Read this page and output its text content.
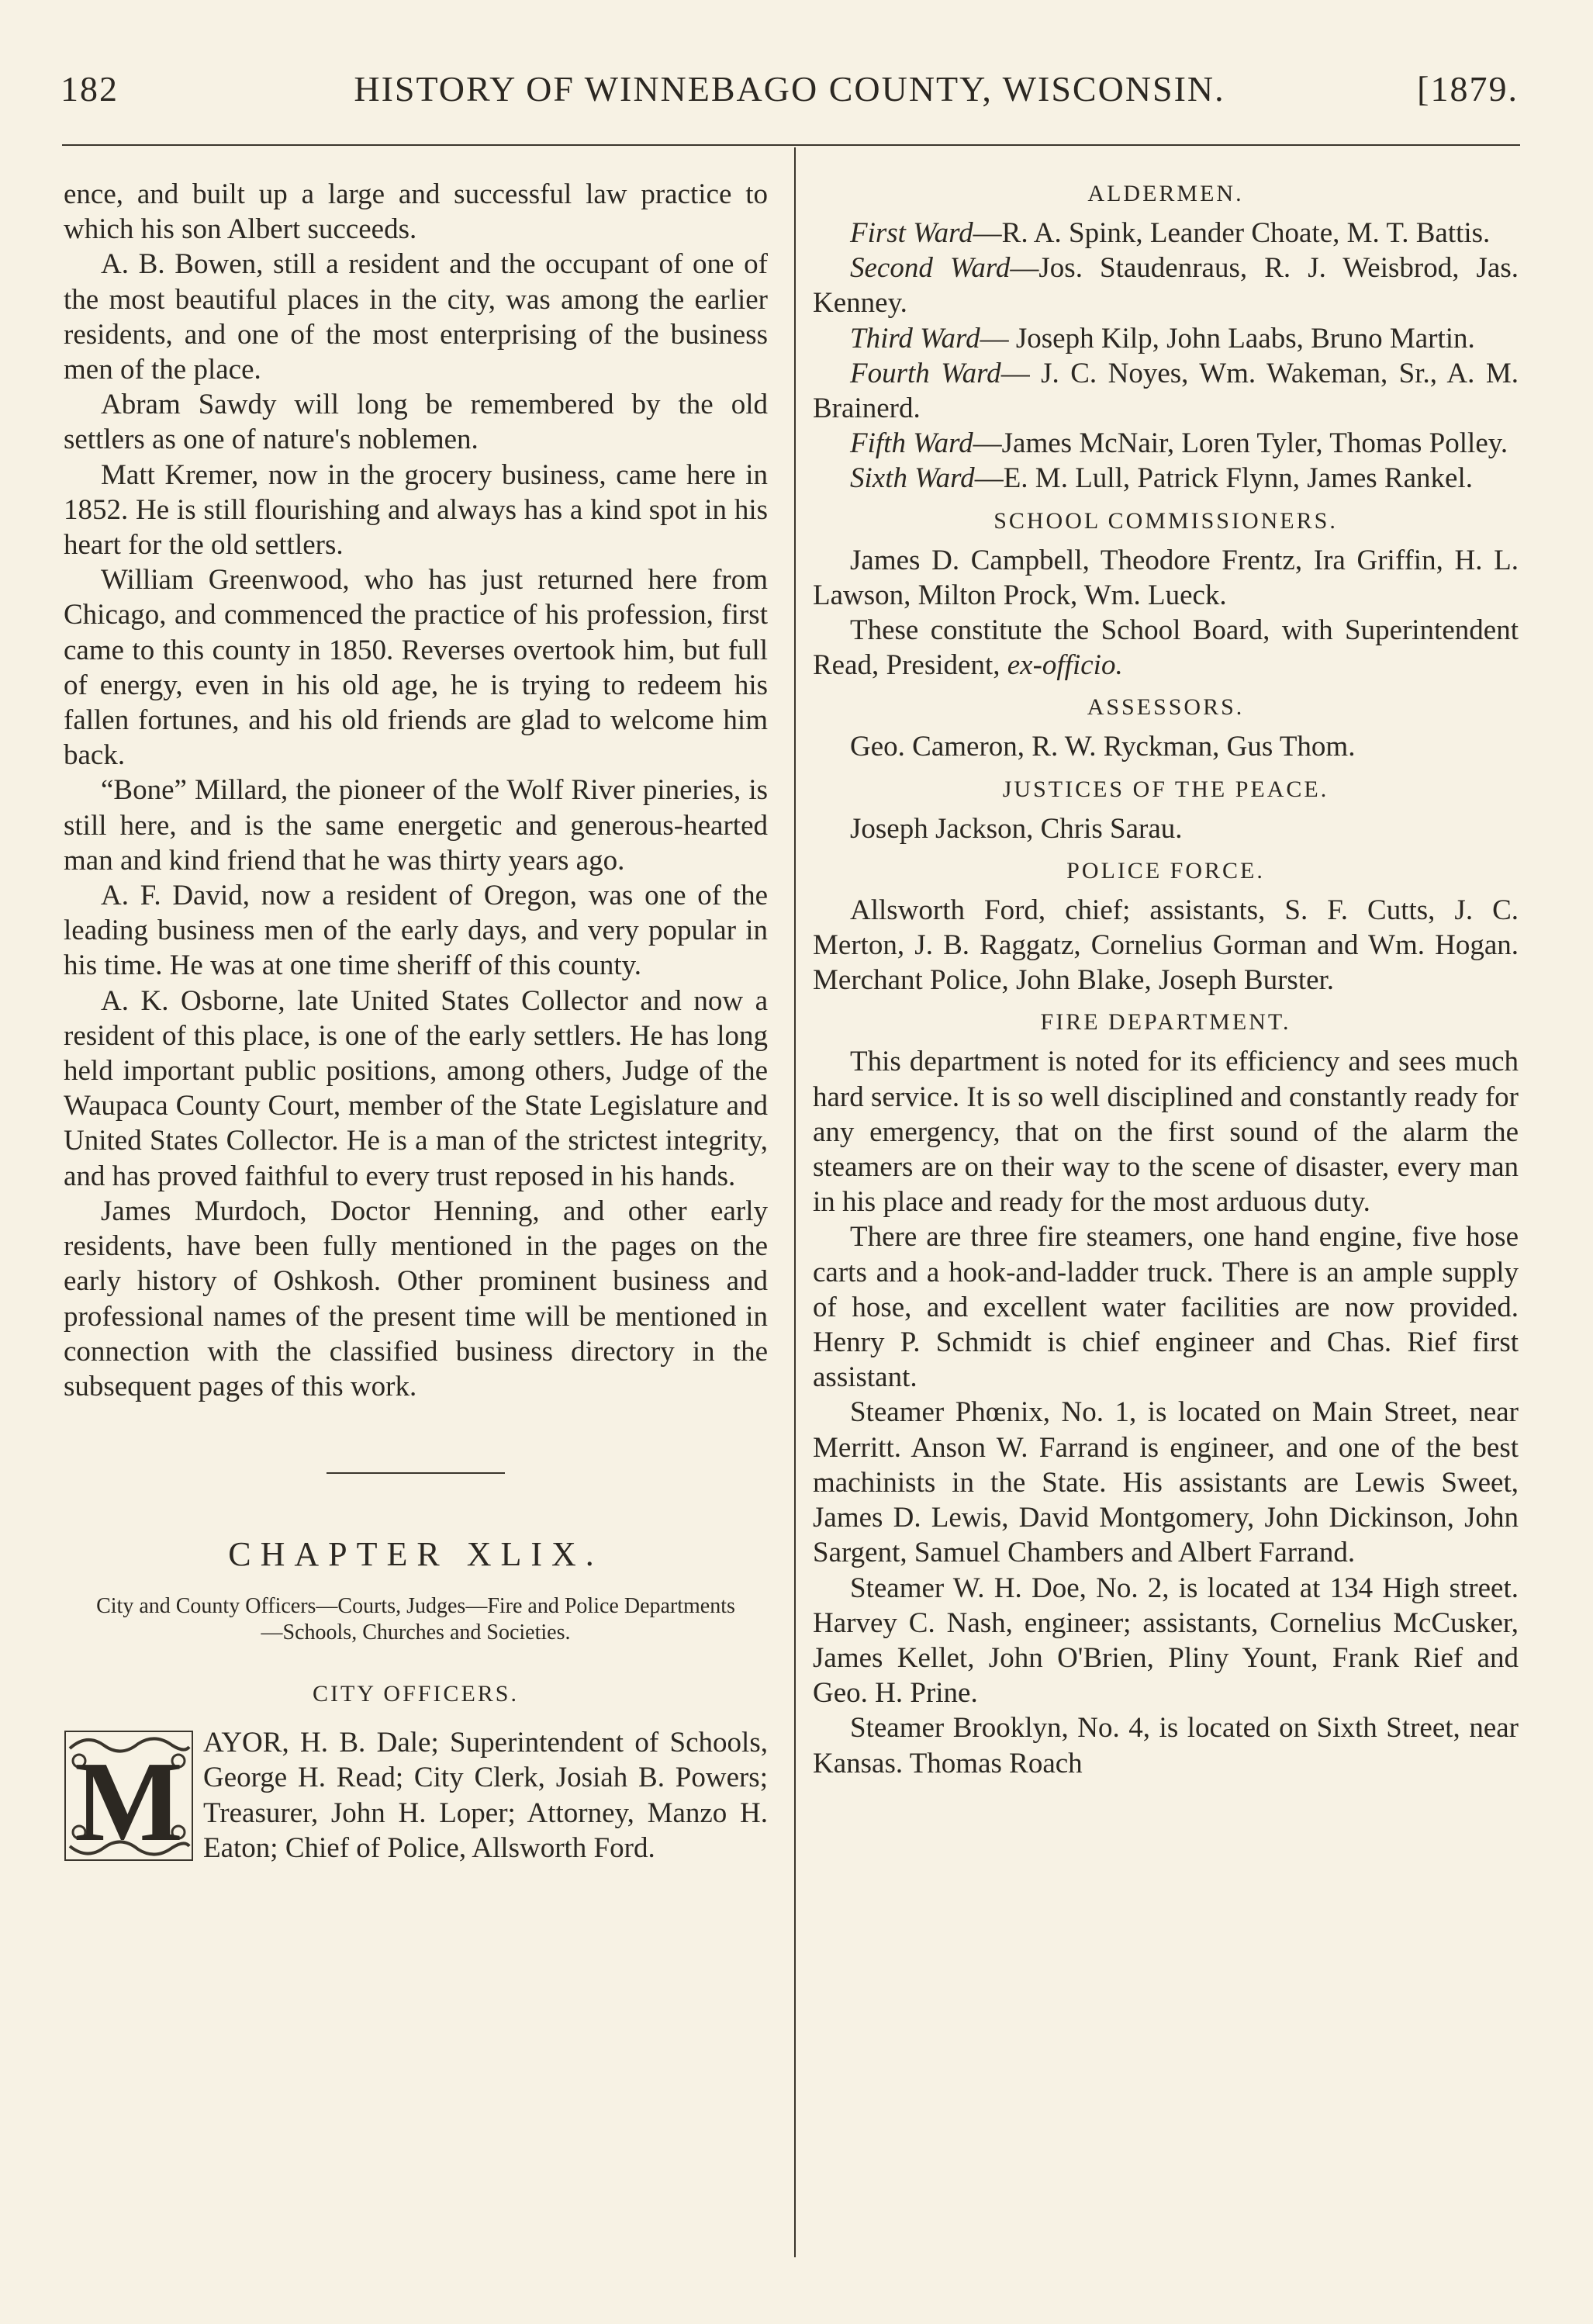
182	HISTORY OF WINNEBAGO COUNTY, WISCONSIN.	[1879.

ence, and built up a large and successful law practice to which his son Albert succeeds.

A. B. Bowen, still a resident and the occupant of one of the most beautiful places in the city, was among the earlier residents, and one of the most enterprising of the business men of the place.

Abram Sawdy will long be remembered by the old settlers as one of nature's noblemen.

Matt Kremer, now in the grocery business, came here in 1852. He is still flourishing and always has a kind spot in his heart for the old settlers.

William Greenwood, who has just returned here from Chicago, and commenced the practice of his profession, first came to this county in 1850. Reverses overtook him, but full of energy, even in his old age, he is trying to redeem his fallen fortunes, and his old friends are glad to welcome him back.

“Bone” Millard, the pioneer of the Wolf River pineries, is still here, and is the same energetic and generous-hearted man and kind friend that he was thirty years ago.

A. F. David, now a resident of Oregon, was one of the leading business men of the early days, and very popular in his time. He was at one time sheriff of this county.

A. K. Osborne, late United States Collector and now a resident of this place, is one of the early settlers. He has long held important public positions, among others, Judge of the Waupaca County Court, member of the State Legislature and United States Collector. He is a man of the strictest integrity, and has proved faithful to every trust reposed in his hands.

James Murdoch, Doctor Henning, and other early residents, have been fully mentioned in the pages on the early history of Oshkosh. Other prominent business and professional names of the present time will be mentioned in connection with the classified business directory in the subsequent pages of this work.

CHAPTER XLIX.
City and County Officers—Courts, Judges—Fire and Police Departments—Schools, Churches and Societies.
CITY OFFICERS.

M AYOR, H. B. Dale; Superintendent of Schools, George H. Read; City Clerk, Josiah B. Powers; Treasurer, John H. Loper; Attorney, Manzo H. Eaton; Chief of Police, Allsworth Ford.

ALDERMEN.

First Ward—R. A. Spink, Leander Choate, M. T. Battis.

Second Ward—Jos. Staudenraus, R. J. Weisbrod, Jas. Kenney.

Third Ward— Joseph Kilp, John Laabs, Bruno Martin.

Fourth Ward— J. C. Noyes, Wm. Wakeman, Sr., A. M. Brainerd.

Fifth Ward—James McNair, Loren Tyler, Thomas Polley.

Sixth Ward—E. M. Lull, Patrick Flynn, James Rankel.

SCHOOL COMMISSIONERS.

James D. Campbell, Theodore Frentz, Ira Griffin, H. L. Lawson, Milton Prock, Wm. Lueck.

These constitute the School Board, with Superintendent Read, President, ex-officio.

ASSESSORS.

Geo. Cameron, R. W. Ryckman, Gus Thom.

JUSTICES OF THE PEACE.

Joseph Jackson, Chris Sarau.

POLICE FORCE.

Allsworth Ford, chief; assistants, S. F. Cutts, J. C. Merton, J. B. Raggatz, Cornelius Gorman and Wm. Hogan. Merchant Police, John Blake, Joseph Burster.

FIRE DEPARTMENT.

This department is noted for its efficiency and sees much hard service. It is so well disciplined and constantly ready for any emergency, that on the first sound of the alarm the steamers are on their way to the scene of disaster, every man in his place and ready for the most arduous duty.

There are three fire steamers, one hand engine, five hose carts and a hook-and-ladder truck. There is an ample supply of hose, and excellent water facilities are now provided. Henry P. Schmidt is chief engineer and Chas. Rief first assistant.

Steamer Phœnix, No. 1, is located on Main Street, near Merritt. Anson W. Farrand is engineer, and one of the best machinists in the State. His assistants are Lewis Sweet, James D. Lewis, David Montgomery, John Dickinson, John Sargent, Samuel Chambers and Albert Farrand.

Steamer W. H. Doe, No. 2, is located at 134 High street. Harvey C. Nash, engineer; assistants, Cornelius McCusker, James Kellet, John O'Brien, Pliny Yount, Frank Rief and Geo. H. Prine.

Steamer Brooklyn, No. 4, is located on Sixth Street, near Kansas. Thomas Roach
